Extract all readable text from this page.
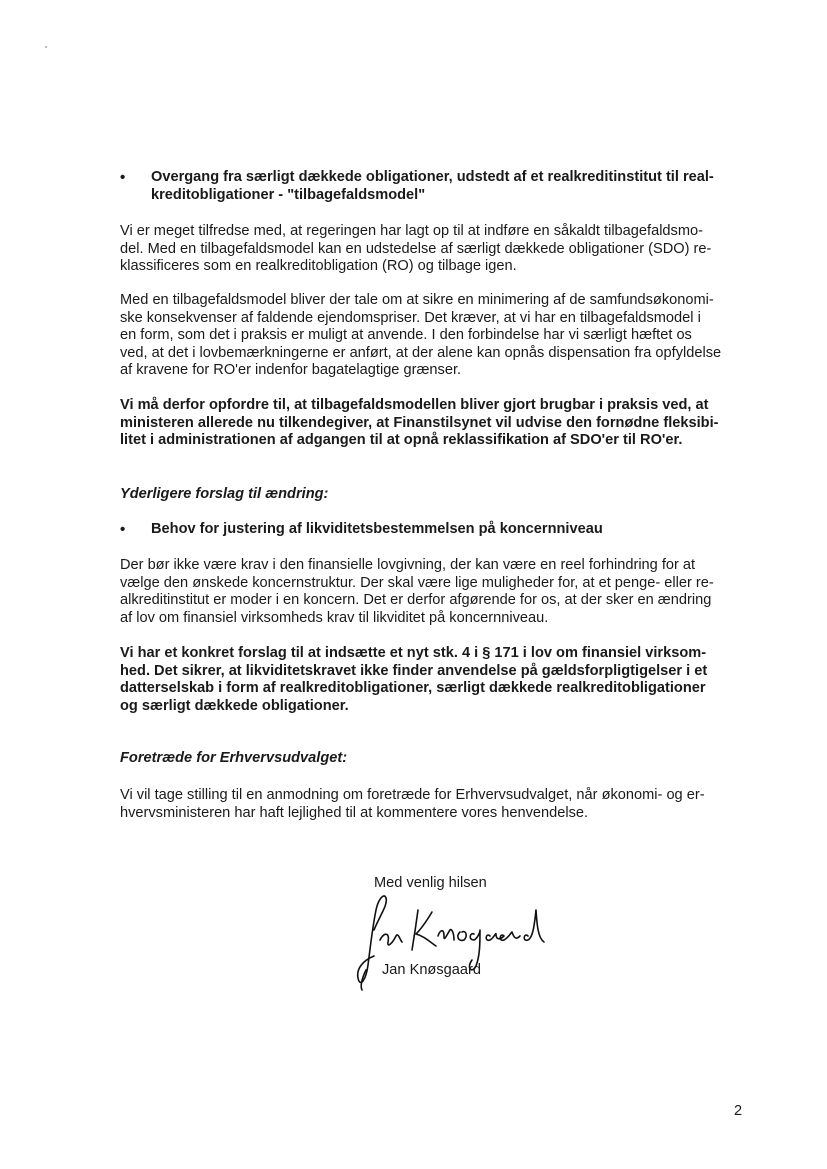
• Overgang fra særligt dækkede obligationer, udstedt af et realkreditinstitut til real-
kreditobligationer - "tilbagefaldsmodel"
Vi er meget tilfredse med, at regeringen har lagt op til at indføre en såkaldt tilbagefaldsmo-
del. Med en tilbagefaldsmodel kan en udstedelse af særligt dækkede obligationer (SDO) re-
klassificeres som en realkreditobligation (RO) og tilbage igen.
Med en tilbagefaldsmodel bliver der tale om at sikre en minimering af de samfundsøkonomi-
ske konsekvenser af faldende ejendomspriser. Det kræver, at vi har en tilbagefaldsmodel i
en form, som det i praksis er muligt at anvende. I den forbindelse har vi særligt hæftet os
ved, at det i lovbemærkningerne er anført, at der alene kan opnås dispensation fra opfyldelse
af kravene for RO'er indenfor bagatelagtige grænser.
Vi må derfor opfordre til, at tilbagefaldsmodellen bliver gjort brugbar i praksis ved, at
ministeren allerede nu tilkendegiver, at Finanstilsynet vil udvise den fornødne fleksibi-
litet i administrationen af adgangen til at opnå reklassifikation af SDO'er til RO'er.
Yderligere forslag til ændring:
• Behov for justering af likviditetsbestemmelsen på koncernniveau
Der bør ikke være krav i den finansielle lovgivning, der kan være en reel forhindring for at
vælge den ønskede koncernstruktur. Der skal være lige muligheder for, at et penge- eller re-
alkreditinstitut er moder i en koncern. Det er derfor afgørende for os, at der sker en ændring
af lov om finansiel virksomheds krav til likviditet på koncernniveau.
Vi har et konkret forslag til at indsætte et nyt stk. 4 i § 171 i lov om finansiel virksom-
hed. Det sikrer, at likviditetskravet ikke finder anvendelse på gældsforpligtigelser i et
datterselskab i form af realkreditobligationer, særligt dækkede realkreditobligationer
og særligt dækkede obligationer.
Foretræde for Erhvervsudvalget:
Vi vil tage stilling til en anmodning om foretræde for Erhvervsudvalget, når økonomi- og er-
hvervsministeren har haft lejlighed til at kommentere vores henvendelse.
Med venlig hilsen
Jan Knøsgaard
2
